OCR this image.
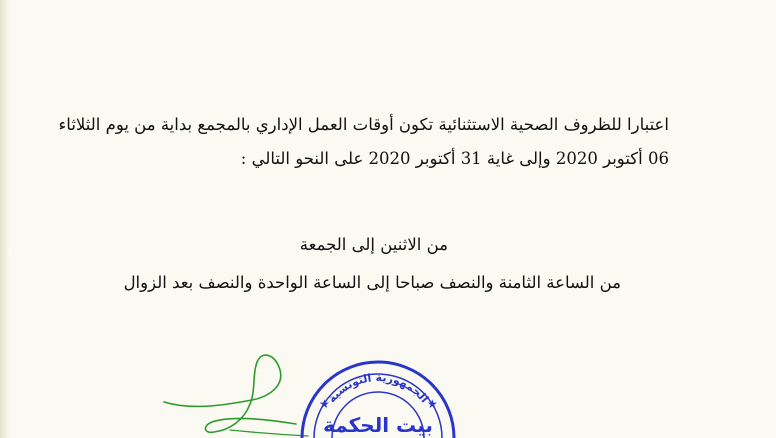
اعتبارا للظروف الصحية الاستثنائية تكون أوقات العمل الإداري بالمجمع بداية من يوم الثلاثاء
06 أكتوبر 2020 وإلى غاية 31 أكتوبر 2020 على النحو التالي :
من الاثنين إلى الجمعة
من الساعة الثامنة والنصف صباحا إلى الساعة الواحدة والنصف بعد الزوال
الجمهورية التونسية
★	★
بيت الحكمة
